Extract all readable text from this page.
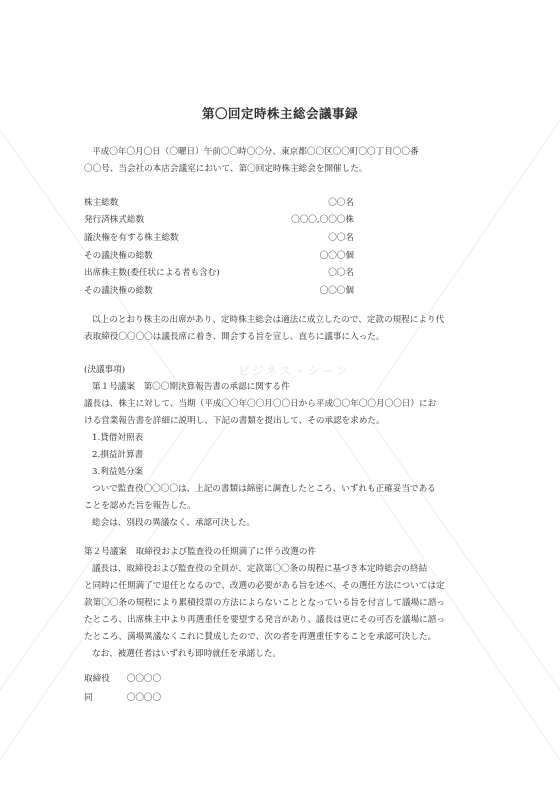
第〇回定時株主総会議事録

平成〇年〇月〇日（〇曜日）午前〇〇時〇〇分、東京都〇〇区〇〇町〇〇丁目〇〇番

〇〇号、当会社の本店会議室において、第〇回定時株主総会を開催した。

株主総数	〇〇名
発行済株式総数	〇〇〇,〇〇〇株
議決権を有する株主総数	〇〇名
その議決権の総数	〇〇〇個
出席株主数(委任状による者も含む)	〇〇名
その議決権の総数	〇〇〇個

以上のとおり株主の出席があり、定時株主総会は適法に成立したので、定款の規程により代

表取締役〇〇〇〇は議長席に着き、開会する旨を宣し、直ちに議事に入った。

(決議事項)

第１号議案　第〇〇期決算報告書の承認に関する件

議長は、株主に対して、当期（平成〇〇年〇〇月〇〇日から平成〇〇年〇〇月〇〇日）にお

ける営業報告書を詳細に説明し、下記の書類を提出して、その承認を求めた。

1.貸借対照表

2.損益計算書

3.利益処分案

ついで監査役〇〇〇〇は、上記の書類は綿密に調査したところ、いずれも正確妥当である

ことを認めた旨を報告した。

総会は、別段の異議なく、承認可決した。

第２号議案　取締役および監査役の任期満了に伴う改選の件

議長は、取締役および監査役の全員が、定款第〇〇条の規程に基づき本定時総会の終結

と同時に任期満了で退任となるので、改選の必要がある旨を述べ、その選任方法については定

款第〇〇条の規程により累積投票の方法によらないこととなっている旨を付言して議場に諮っ

たところ、出席株主中より再選重任を要望する発言があり、議長は更にその可否を議場に諮っ

たところ、満場異議なくこれに賛成したので、次の者を再選重任することを承認可決した。

なお、被選任者はいずれも即時就任を承諾した。

取締役 〇〇〇〇
同	〇〇〇〇
ビジネス・シーン
